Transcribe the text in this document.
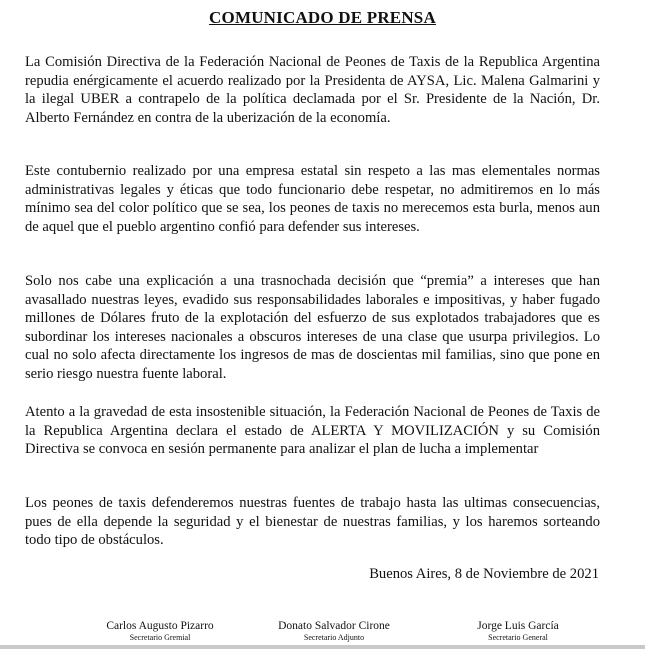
COMUNICADO DE PRENSA

La Comisión Directiva de la Federación Nacional de Peones de Taxis de la Republica Argentina repudia enérgicamente el acuerdo realizado por la Presidenta de AYSA, Lic. Malena Galmarini y la ilegal UBER a contrapelo de la política declamada por el Sr. Presidente de la Nación, Dr. Alberto Fernández en contra de la uberización de la economía.

Este contubernio realizado por una empresa estatal sin respeto a las mas elementales normas administrativas legales y éticas que todo funcionario debe respetar, no admitiremos en lo más mínimo sea del color político que se sea, los peones de taxis no merecemos esta burla, menos aun de aquel que el pueblo argentino confió para defender sus intereses.

Solo nos cabe una explicación a una trasnochada decisión que “premia” a intereses que han avasallado nuestras leyes, evadido sus responsabilidades laborales e impositivas, y haber fugado millones de Dólares fruto de la explotación del esfuerzo de sus explotados trabajadores que es subordinar los intereses nacionales a obscuros intereses de una clase que usurpa privilegios. Lo cual no solo afecta directamente los ingresos de mas de doscientas mil familias, sino que pone en serio riesgo nuestra fuente laboral.

Atento a la gravedad de esta insostenible situación, la Federación Nacional de Peones de Taxis de la Republica Argentina declara el estado de ALERTA Y MOVILIZACIÓN y su Comisión Directiva se convoca en sesión permanente para analizar el plan de lucha a implementar

Los peones de taxis defenderemos nuestras fuentes de trabajo hasta las ultimas consecuencias, pues de ella depende la seguridad y el bienestar de nuestras familias, y los haremos sorteando todo tipo de obstáculos.

Buenos Aires, 8 de Noviembre de 2021
Carlos Augusto Pizarro
Secretario Gremial
Donato Salvador Cirone
Secretario Adjunto
Jorge Luis García
Secretario General
